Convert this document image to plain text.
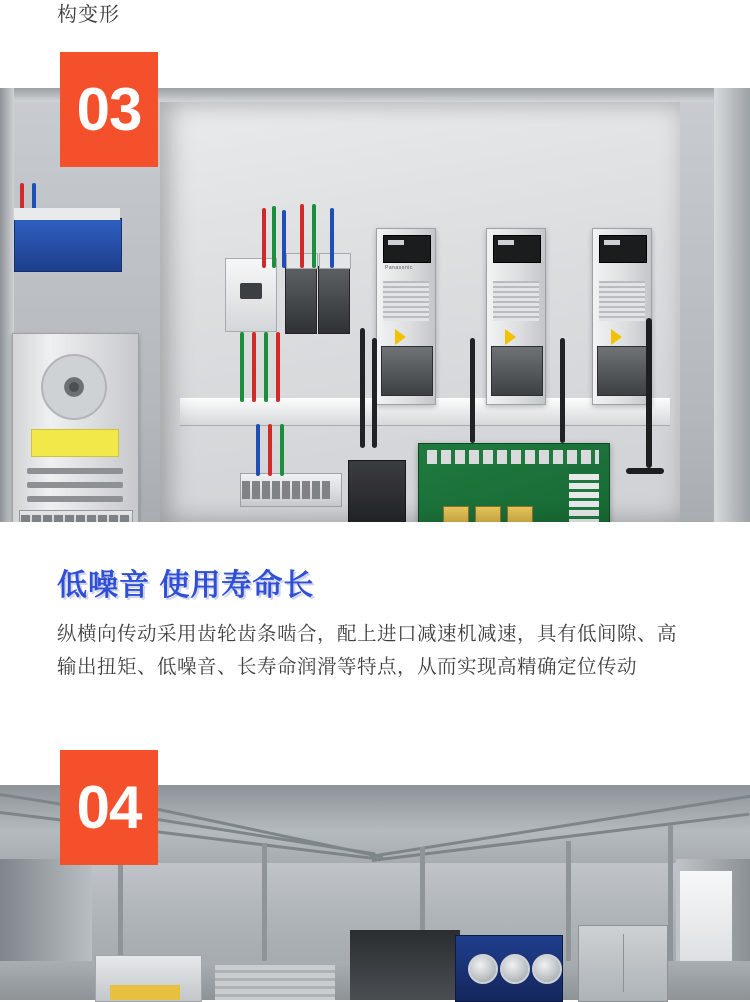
构变形
Panasonic
03
低噪音 使用寿命长
纵横向传动采用齿轮齿条啮合，配上进口减速机减速，具有低间隙、高输出扭矩、低噪音、长寿命润滑等特点，从而实现高精确定位传动
04
